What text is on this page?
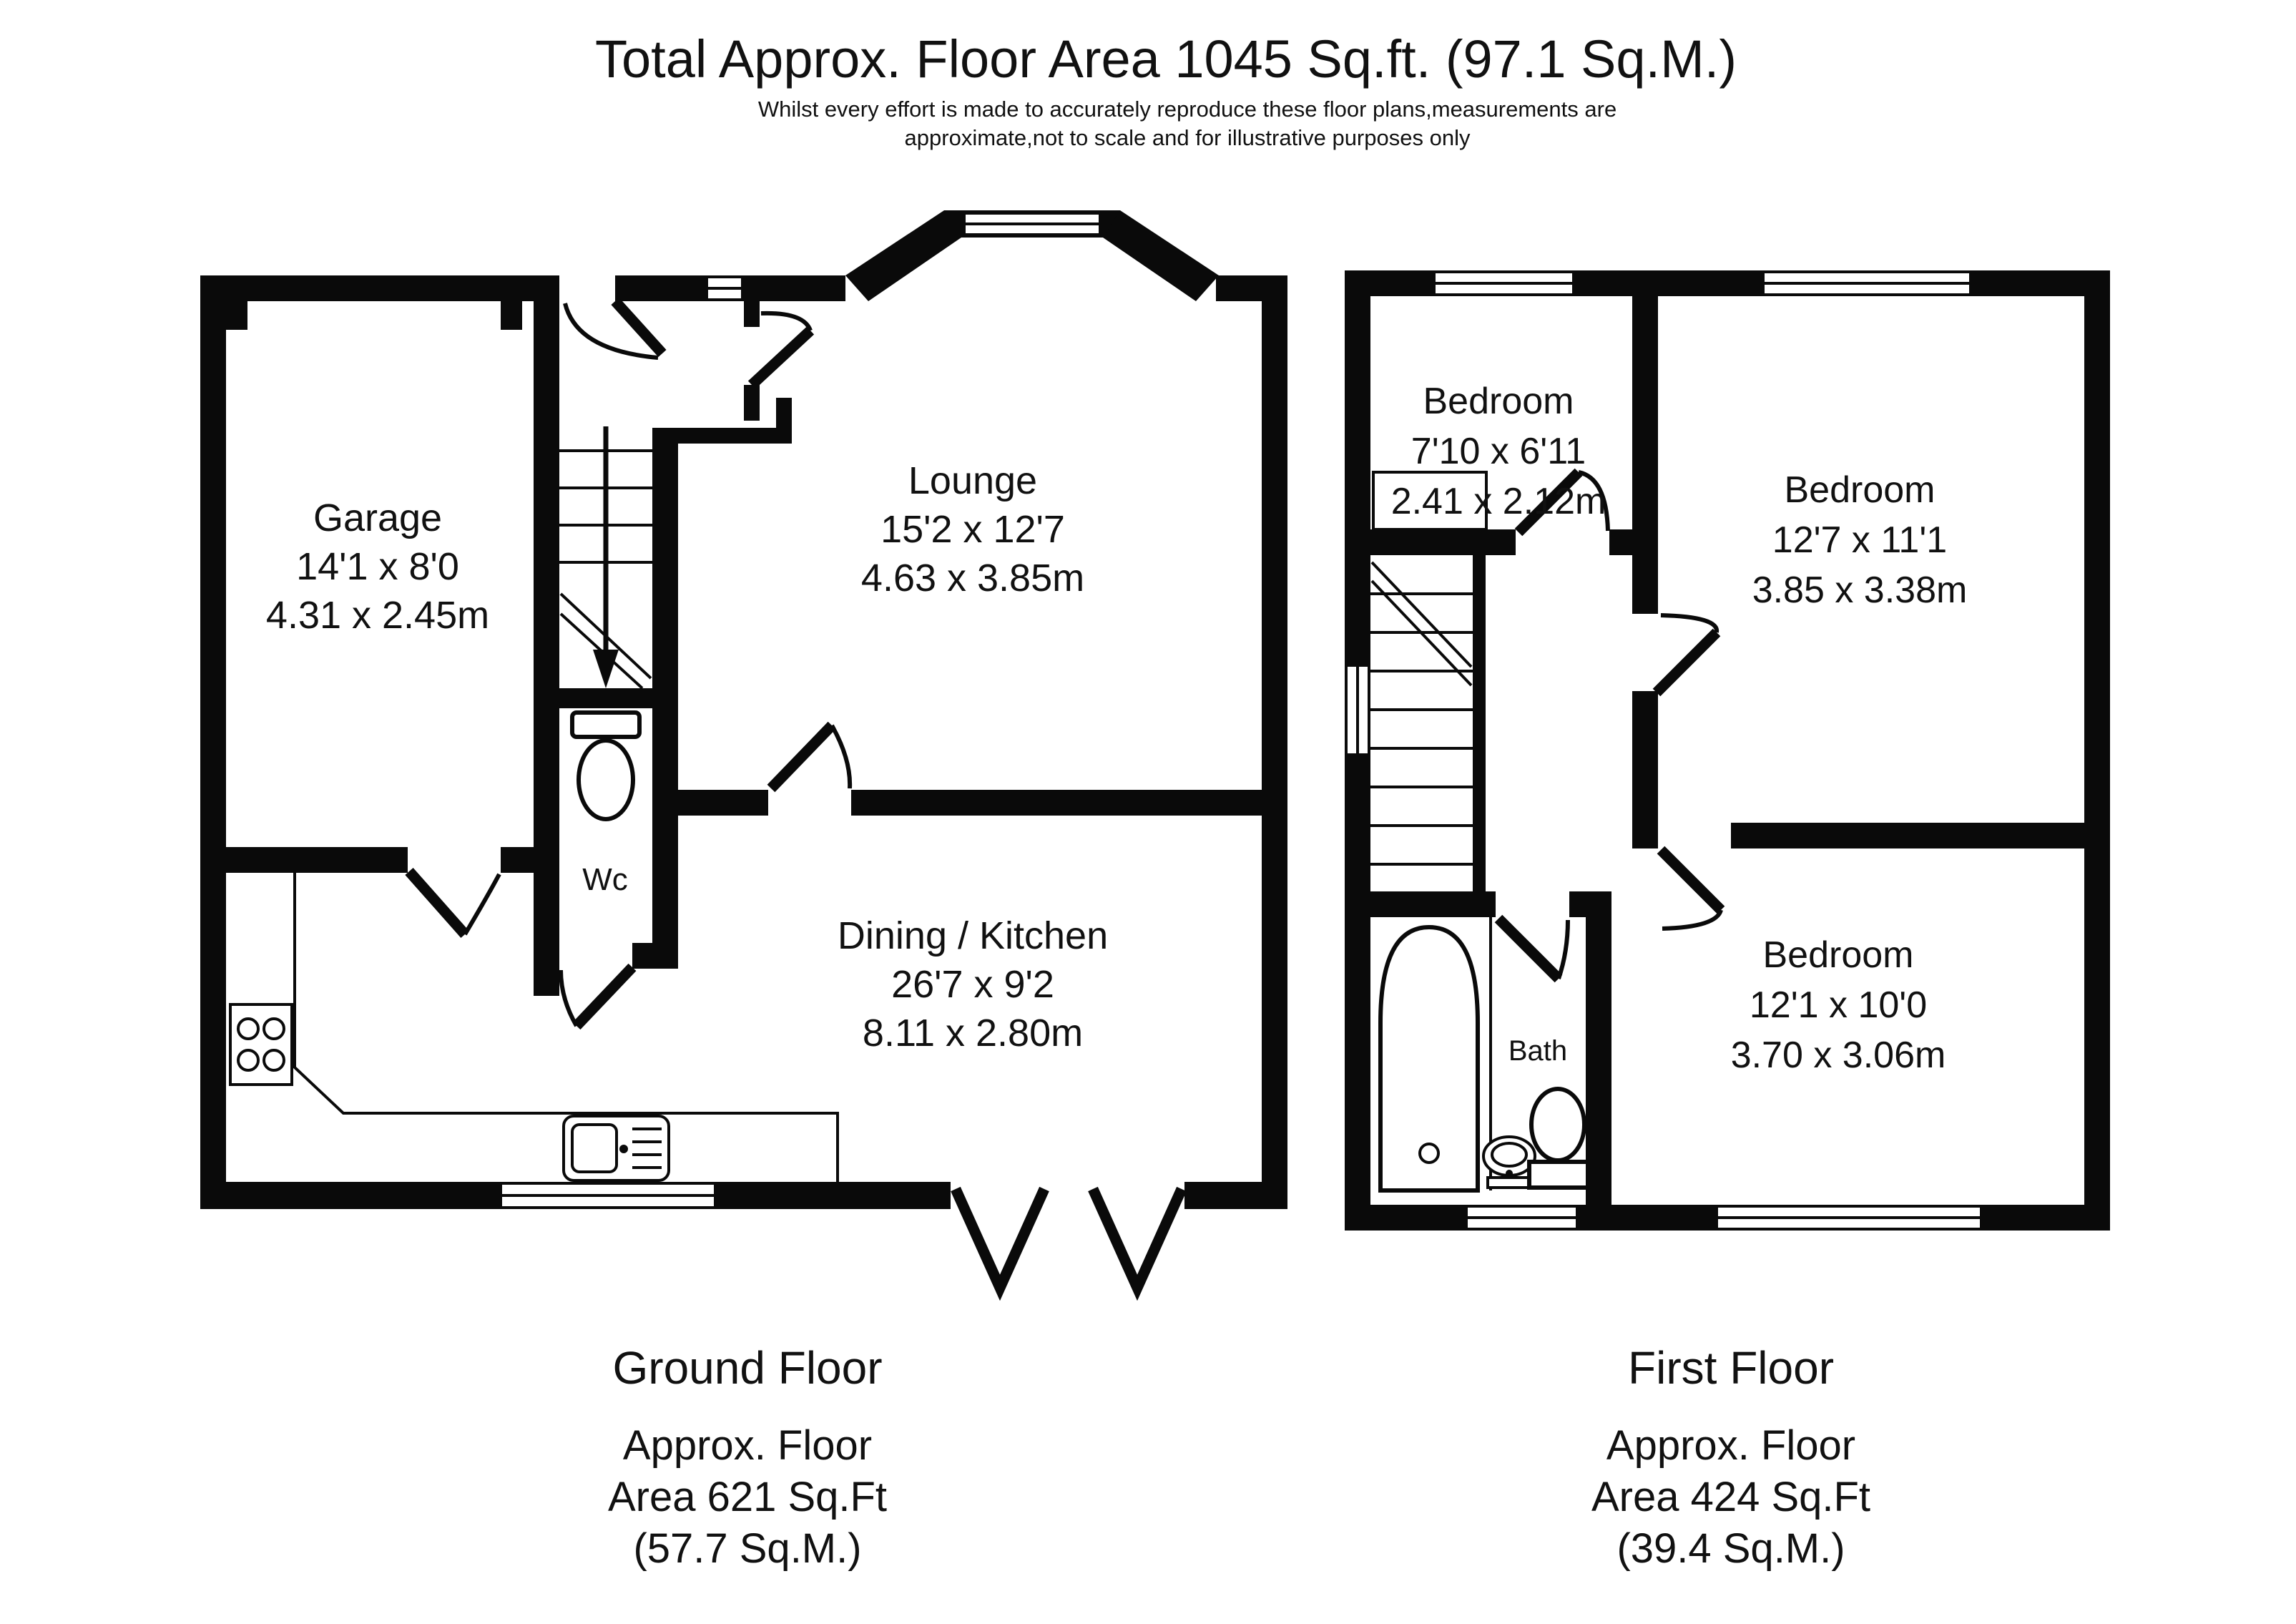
Total Approx. Floor Area 1045 Sq.ft. (97.1 Sq.M.)
Whilst every effort is made to accurately reproduce these floor plans,measurements are
approximate,not to scale and for illustrative purposes only
Garage
14'1 x 8'0
4.31 x 2.45m
Lounge
15'2 x 12'7
4.63 x 3.85m
Dining / Kitchen
26'7 x 9'2
8.11 x 2.80m
Wc
Bedroom
7'10 x 6'11
2.41 x 2.12m	Bedroom
12'7 x 11'1
3.85 x 3.38m
Bedroom
12'1 x 10'0
3.70 x 3.06m
Bath
Ground Floor
Approx. Floor
Area 621 Sq.Ft
(57.7 Sq.M.)
First Floor
Approx. Floor
Area 424 Sq.Ft
(39.4 Sq.M.)
